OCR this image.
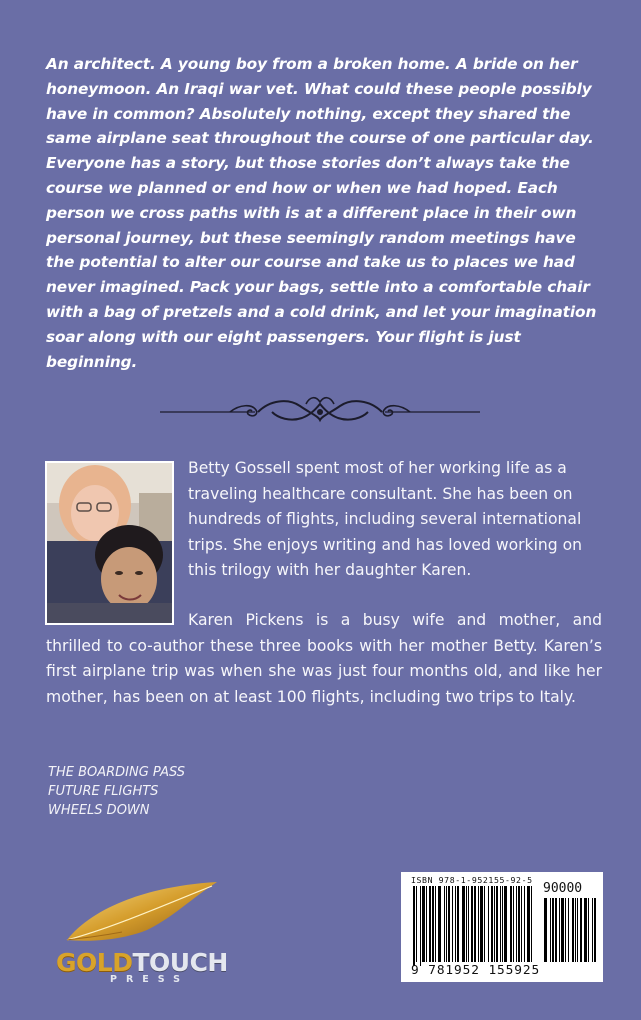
An architect. A young boy from a broken home. A bride on her honeymoon. An Iraqi war vet. What could these people possibly have in common? Absolutely nothing, except they shared the same airplane seat throughout the course of one particular day. Everyone has a story, but those stories don’t always take the course we planned or end how or when we had hoped. Each person we cross paths with is at a different place in their own personal journey, but these seemingly random meetings have the potential to alter our course and take us to places we had never imagined. Pack your bags, settle into a comfortable chair with a bag of pretzels and a cold drink, and let your imagination soar along with our eight passengers. Your flight is just beginning.
Betty Gossell spent most of her working life as a traveling healthcare consultant. She has been on hundreds of flights, including several international trips. She enjoys writing and has loved working on this trilogy with her daughter Karen.
Karen Pickens is a busy wife and mother, and thrilled to co-author these three books with her mother Betty. Karen’s first airplane trip was when she was just four months old, and like her mother, has been on at least 100 flights, including two trips to Italy.
THE BOARDING PASS
FUTURE FLIGHTS
WHEELS DOWN
GOLDTOUCH
PRESS
ISBN 978-1-952155-92-5
90000
9 781952 155925
